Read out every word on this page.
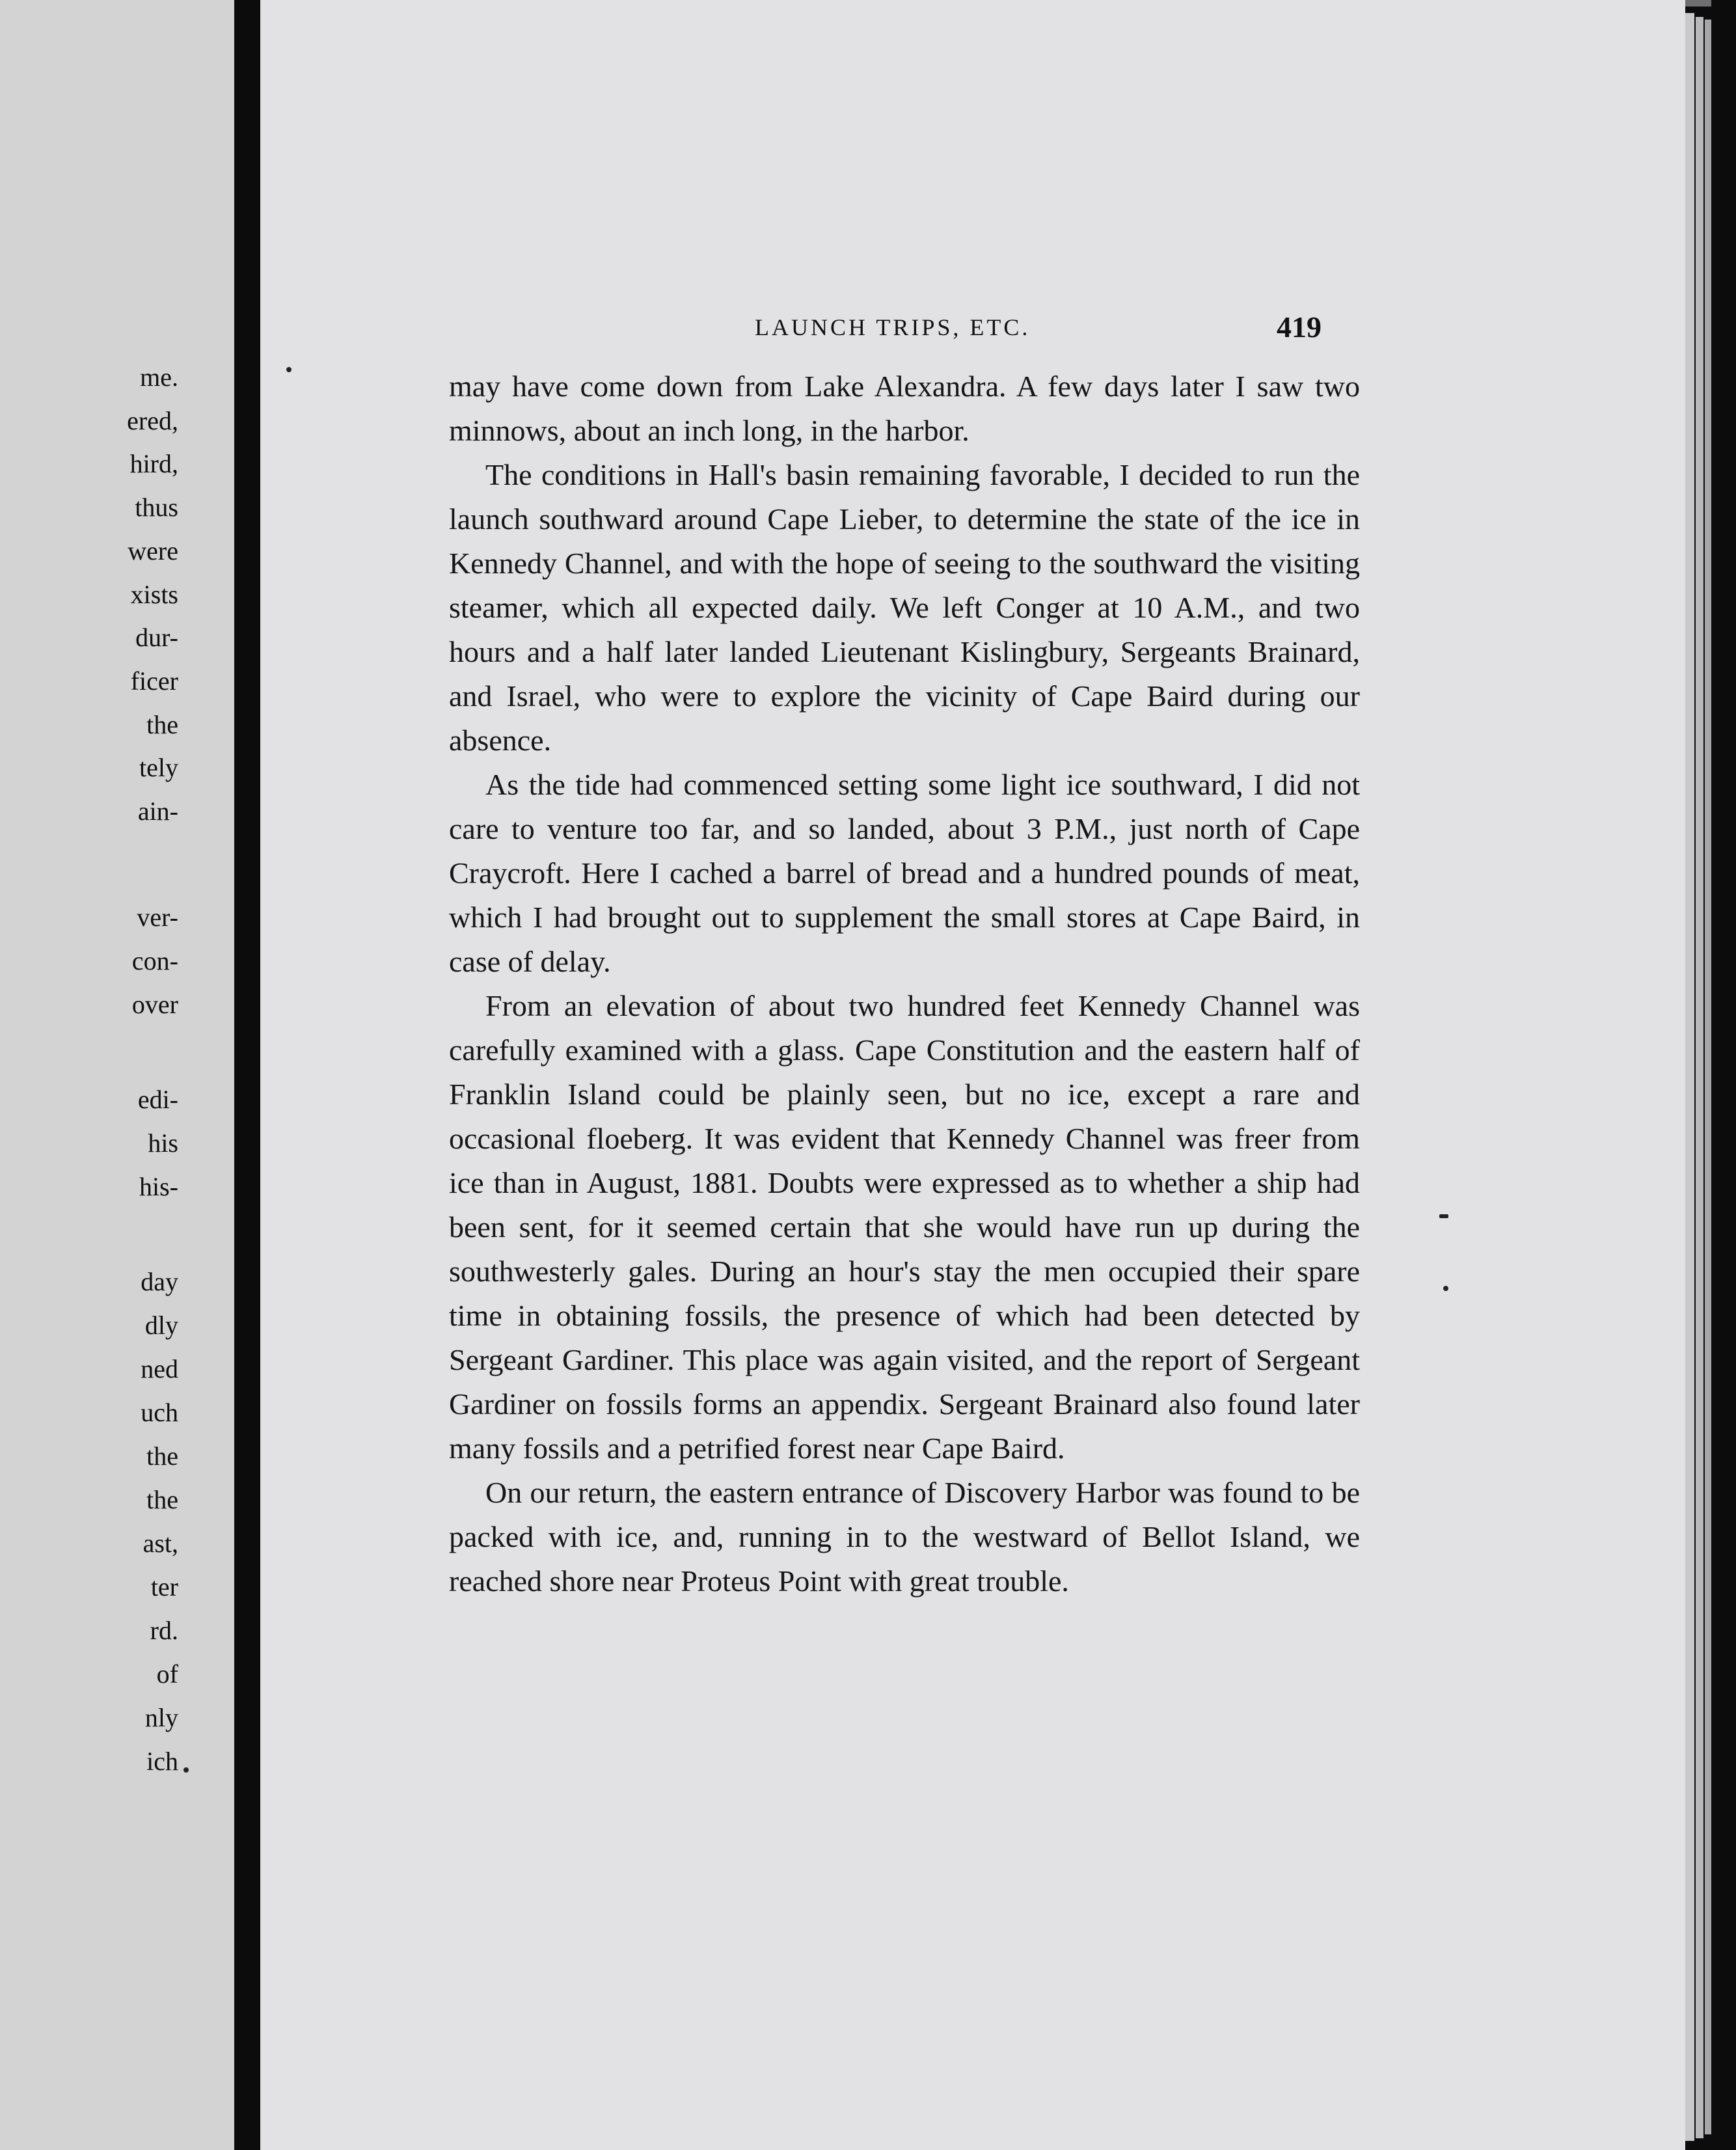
me.
ered,
hird,
thus
were
xists
dur-
ficer
the
tely
ain-
ver-
con-
over
edi-
his
his-
day
dly
ned
uch
the
the
ast,
ter
rd.
of
nly
ich
LAUNCH TRIPS, ETC.	419

may have come down from Lake Alexandra. A few days later I saw two minnows, about an inch long, in the harbor.

The conditions in Hall's basin remaining favorable, I decided to run the launch southward around Cape Lieber, to determine the state of the ice in Kennedy Channel, and with the hope of seeing to the southward the visiting steamer, which all expected daily. We left Conger at 10 A.M., and two hours and a half later landed Lieutenant Kislingbury, Sergeants Brainard, and Israel, who were to explore the vicinity of Cape Baird during our absence.

As the tide had commenced setting some light ice southward, I did not care to venture too far, and so landed, about 3 P.M., just north of Cape Craycroft. Here I cached a barrel of bread and a hundred pounds of meat, which I had brought out to supplement the small stores at Cape Baird, in case of delay.

From an elevation of about two hundred feet Kennedy Channel was carefully examined with a glass. Cape Constitution and the eastern half of Franklin Island could be plainly seen, but no ice, except a rare and occasional floeberg. It was evident that Kennedy Channel was freer from ice than in August, 1881. Doubts were expressed as to whether a ship had been sent, for it seemed certain that she would have run up during the southwesterly gales. During an hour's stay the men occupied their spare time in obtaining fossils, the presence of which had been detected by Sergeant Gardiner. This place was again visited, and the report of Sergeant Gardiner on fossils forms an appendix. Sergeant Brainard also found later many fossils and a petrified forest near Cape Baird.

On our return, the eastern entrance of Discovery Harbor was found to be packed with ice, and, running in to the westward of Bellot Island, we reached shore near Proteus Point with great trouble.
